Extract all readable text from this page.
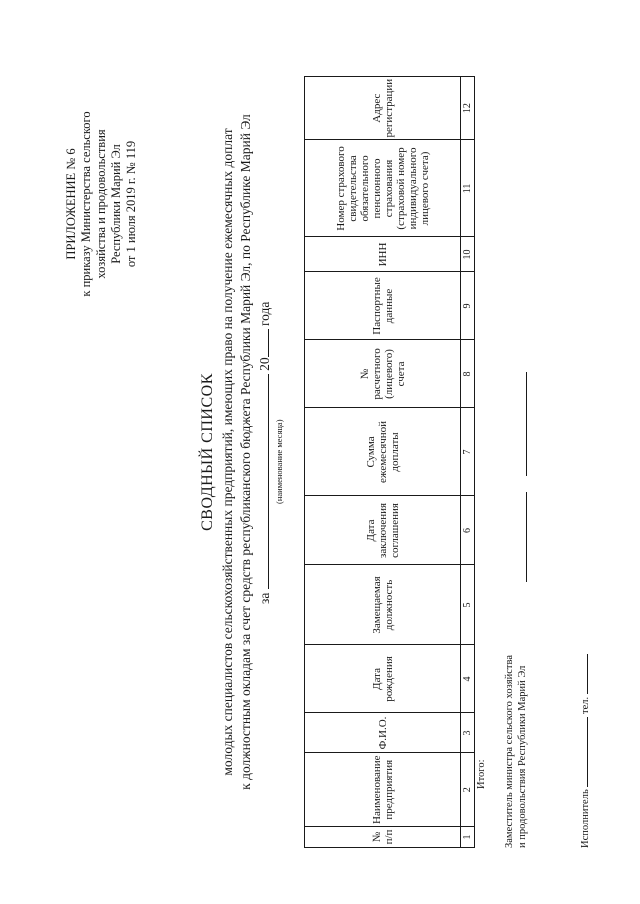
ПРИЛОЖЕНИЕ № 6 к приказу Министерства сельского хозяйства и продовольствия Республики Марий Эл от 1 июля 2019 г. № 119
СВОДНЫЙ СПИСОК молодых специалистов сельскохозяйственных предприятий, имеющих право на получение ежемесячных доплат к должностным окладам за счет средств республиканского бюджета Республики Марий Эл, по Республике Марий Эл за  20 года
(наименование месяца)
№ п/п	Наименование предприятия	Ф.И.О.	Дата рождения	Замещаемая должность	Дата заключения соглашения	Сумма ежемесячной доплаты	№ расчетного (лицевого) счета	Паспортные данные	ИНН	Номер страхового свидетельства обязательного пенсионного страхования (страховой номер индивидуального лицевого счета)	Адрес регистрации
1	2	3	4	5	6	7	8	9	10	11	12
Итого: Заместитель министра сельского хозяйства и продовольствия Республики Марий Эл	Исполнитель  тел.
